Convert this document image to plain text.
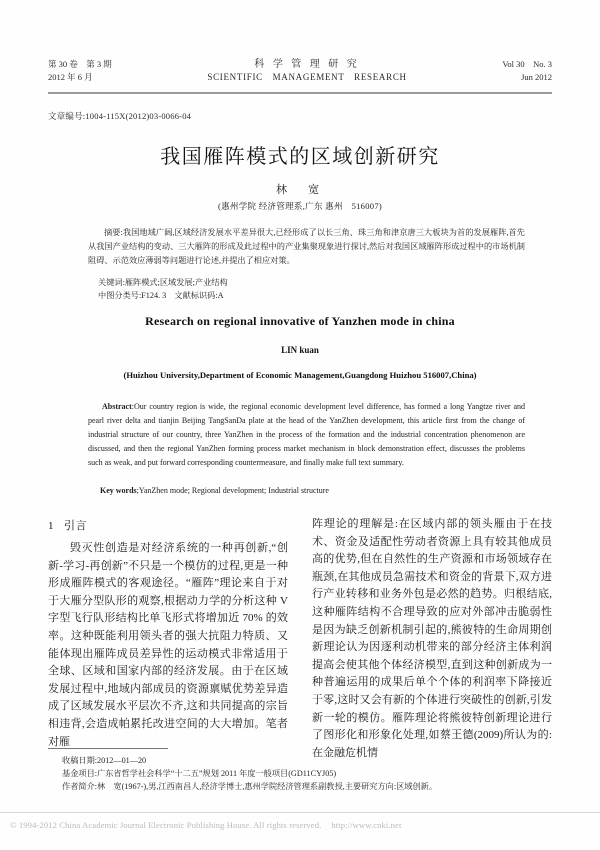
第 30 卷　第 3 期
2012 年 6 月
科 学 管 理 研 究
SCIENTIFIC　MANAGEMENT　RESEARCH
Vol 30　No. 3
Jun 2012
文章编号:1004-115X(2012)03-0066-04
我国雁阵模式的区域创新研究
林　宽
(惠州学院 经济管理系,广东 惠州　516007)
摘要:我国地域广阔,区域经济发展水平差异很大,已经形成了以长三角、珠三角和津京唐三大板块为首的发展雁阵,首先从我国产业结构的变动、三大雁阵的形成及此过程中的产业集聚现象进行探讨,然后对我国区域雁阵形成过程中的市场机制阻碍、示范效应薄弱等问题进行论述,并提出了相应对策。
关键词:雁阵模式;区域发展;产业结构
中图分类号:F124. 3　文献标识码:A
Research on regional innovative of Yanzhen mode in china
LIN kuan
(Huizhou University,Department of Economic Management,Guangdong Huizhou 516007,China)
Abstract:Our country region is wide, the regional economic development level difference, has formed a long Yangtze river and pearl river delta and tianjin Beijing TangSanDa plate at the head of the YanZhen development, this article first from the change of industrial structure of our country, three YanZhen in the process of the formation and the industrial concentration phenomenon are discussed, and then the regional YanZhen forming process market mechanism in block demonstration effect, discusses the problems such as weak, and put forward corresponding countermeasure, and finally make full text summary.
Key words;YanZhen mode; Regional development; Industrial structure
1 引言
毁灭性创造是对经济系统的一种再创新,“创新-学习-再创新”不只是一个模仿的过程,更是一种形成雁阵模式的客观途径。“雁阵”理论来自于对于大雁分型队形的观察,根据动力学的分析这种 V 字型飞行队形结构比单飞形式将增加近 70% 的效率。这种既能利用领头者的强大抗阻力特质、又能体现出雁阵成员差异性的运动模式非常适用于全球、区域和国家内部的经济发展。由于在区域发展过程中,地域内部成员的资源禀赋优势差异造成了区域发展水平层次不齐,这和共同提高的宗旨相违背,会造成帕累托改进空间的大大增加。笔者对雁
阵理论的理解是:在区域内部的领头雁由于在技术、资金及适配性劳动者资源上具有较其他成员高的优势,但在自然性的生产资源和市场领域存在瓶颈,在其他成员急需技术和资金的背景下,双方进行产业转移和业务外包是必然的趋势。归根结底,这种雁阵结构不合理导致的应对外部冲击脆弱性是因为缺乏创新机制引起的,熊彼特的生命周期创新理论认为因逐利动机带来的部分经济主体利润提高会使其他个体经济模型,直到这种创新成为一种普遍运用的成果后单个个体的利润率下降接近于零,这时又会有新的个体进行突破性的创新,引发新一轮的模仿。雁阵理论将熊彼特创新理论进行了图形化和形象化处理,如蔡王德(2009)所认为的:在金融危机情
收稿日期:2012—01—20
基金项目:广东省哲学社会科学“十二五”规划 2011 年度一般项目(GD11CYJ05)
作者简介:林　宽(1967-),男,江西南昌人,经济学博士,惠州学院经济管理系副教授,主要研究方向:区域创新。
© 1994-2012 China Academic Journal Electronic Publishing House. All rights reserved. http://www.cnki.net
